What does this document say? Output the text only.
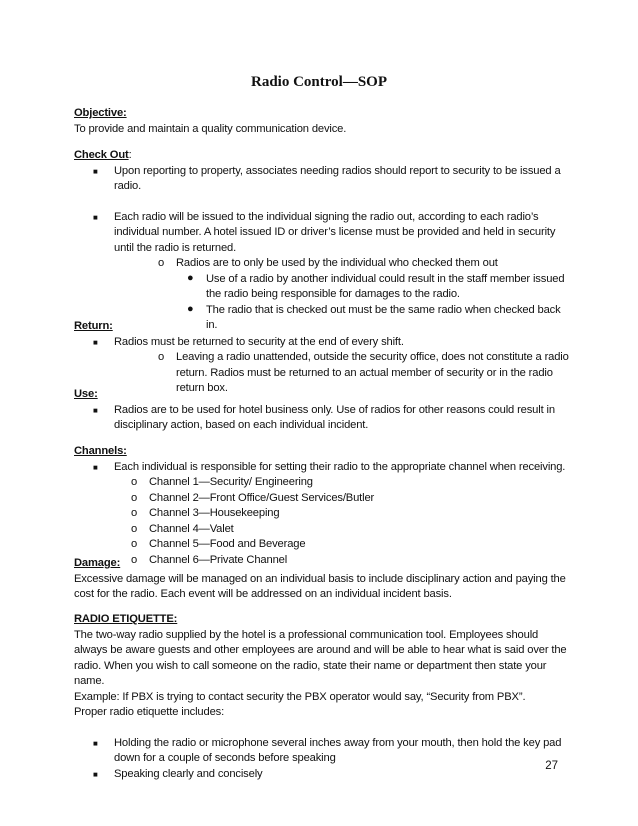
Radio Control—SOP
Objective:
To provide and maintain a quality communication device.
Check Out:
■ Upon reporting to property, associates needing radios should report to security to be issued a radio.
■ Each radio will be issued to the individual signing the radio out, according to each radio’s individual number. A hotel issued ID or driver’s license must be provided and held in security until the radio is returned.
o Radios are to only be used by the individual who checked them out
● Use of a radio by another individual could result in the staff member issued the radio being responsible for damages to the radio.
● The radio that is checked out must be the same radio when checked back in.
Return:
■ Radios must be returned to security at the end of every shift.
o Leaving a radio unattended, outside the security office, does not constitute a radio return. Radios must be returned to an actual member of security or in the radio return box.
Use:
■ Radios are to be used for hotel business only. Use of radios for other reasons could result in disciplinary action, based on each individual incident.
Channels:
■ Each individual is responsible for setting their radio to the appropriate channel when receiving.
o Channel 1—Security/ Engineering
o Channel 2—Front Office/Guest Services/Butler
o Channel 3—Housekeeping
o Channel 4—Valet
o Channel 5—Food and Beverage
o Channel 6—Private Channel
Damage:
Excessive damage will be managed on an individual basis to include disciplinary action and paying the cost for the radio. Each event will be addressed on an individual incident basis.
RADIO ETIQUETTE:
The two-way radio supplied by the hotel is a professional communication tool. Employees should always be aware guests and other employees are around and will be able to hear what is said over the radio. When you wish to call someone on the radio, state their name or department then state your name.
Example: If PBX is trying to contact security the PBX operator would say, “Security from PBX”.
Proper radio etiquette includes:
■ Holding the radio or microphone several inches away from your mouth, then hold the key pad down for a couple of seconds before speaking
■ Speaking clearly and concisely
27
